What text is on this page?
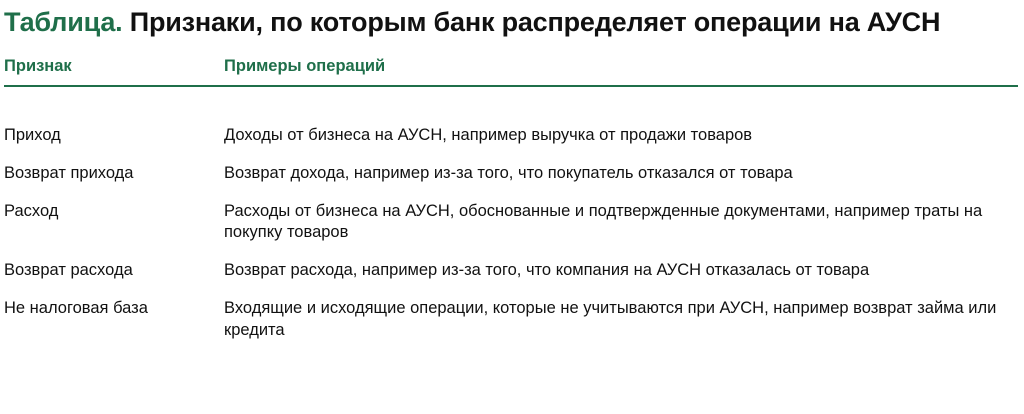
Таблица. Признаки, по которым банк распределяет операции на АУСН
Признак	Примеры операций

Приход	Доходы от бизнеса на АУСН, например выручка от продажи товаров
Возврат прихода	Возврат дохода, например из-за того, что покупатель отказался от товара
Расход	Расходы от бизнеса на АУСН, обоснованные и подтвержденные документами, например траты на покупку товаров
Возврат расхода	Возврат расхода, например из-за того, что компания на АУСН отказалась от товара
Не налоговая база	Входящие и исходящие операции, которые не учитываются при АУСН, например возврат займа или кредита
